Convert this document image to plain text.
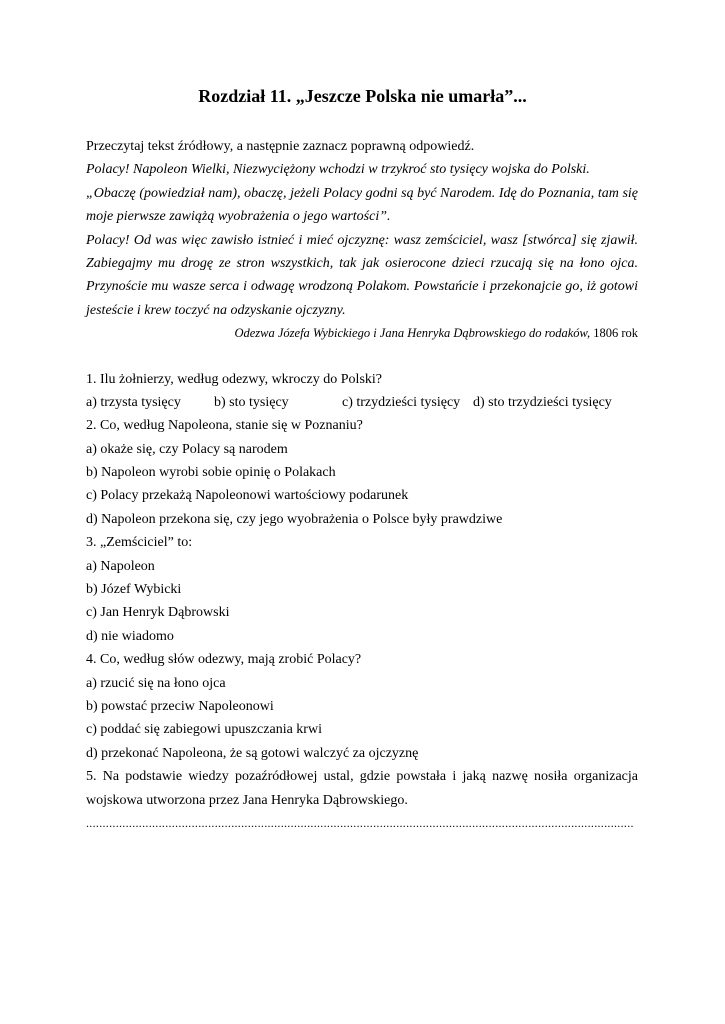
Rozdział 11. „Jeszcze Polska nie umarła”...
Przeczytaj tekst źródłowy, a następnie zaznacz poprawną odpowiedź.
Polacy! Napoleon Wielki, Niezwyciężony wchodzi w trzykroć sto tysięcy wojska do Polski.
„Obaczę (powiedział nam), obaczę, jeżeli Polacy godni są być Narodem. Idę do Poznania, tam się
moje pierwsze zawiążą wyobrażenia o jego wartości”.
Polacy! Od was więc zawisło istnieć i mieć ojczyznę: wasz zemściciel, wasz [stwórca] się zjawił.
Zabiegajmy mu drogę ze stron wszystkich, tak jak osierocone dzieci rzucają się na łono ojca.
Przynoście mu wasze serca i odwagę wrodzoną Polakom. Powstańcie i przekonajcie go, iż gotowi
jesteście i krew toczyć na odzyskanie ojczyzny.
Odezwa Józefa Wybickiego i Jana Henryka Dąbrowskiego do rodaków, 1806 rok
1. Ilu żołnierzy, według odezwy, wkroczy do Polski?
a) trzysta tysięcy	b) sto tysięcy	c) trzydzieści tysięcy d) sto trzydzieści tysięcy
2. Co, według Napoleona, stanie się w Poznaniu?
a) okaże się, czy Polacy są narodem
b) Napoleon wyrobi sobie opinię o Polakach
c) Polacy przekażą Napoleonowi wartościowy podarunek
d) Napoleon przekona się, czy jego wyobrażenia o Polsce były prawdziwe
3. „Zemściciel” to:
a) Napoleon
b) Józef Wybicki
c) Jan Henryk Dąbrowski
d) nie wiadomo
4. Co, według słów odezwy, mają zrobić Polacy?
a) rzucić się na łono ojca
b) powstać przeciw Napoleonowi
c) poddać się zabiegowi upuszczania krwi
d) przekonać Napoleona, że są gotowi walczyć za ojczyznę
5. Na podstawie wiedzy pozaźródłowej ustal, gdzie powstała i jaką nazwę nosiła organizacja
wojskowa utworzona przez Jana Henryka Dąbrowskiego.
......................................................................................................................................................................
